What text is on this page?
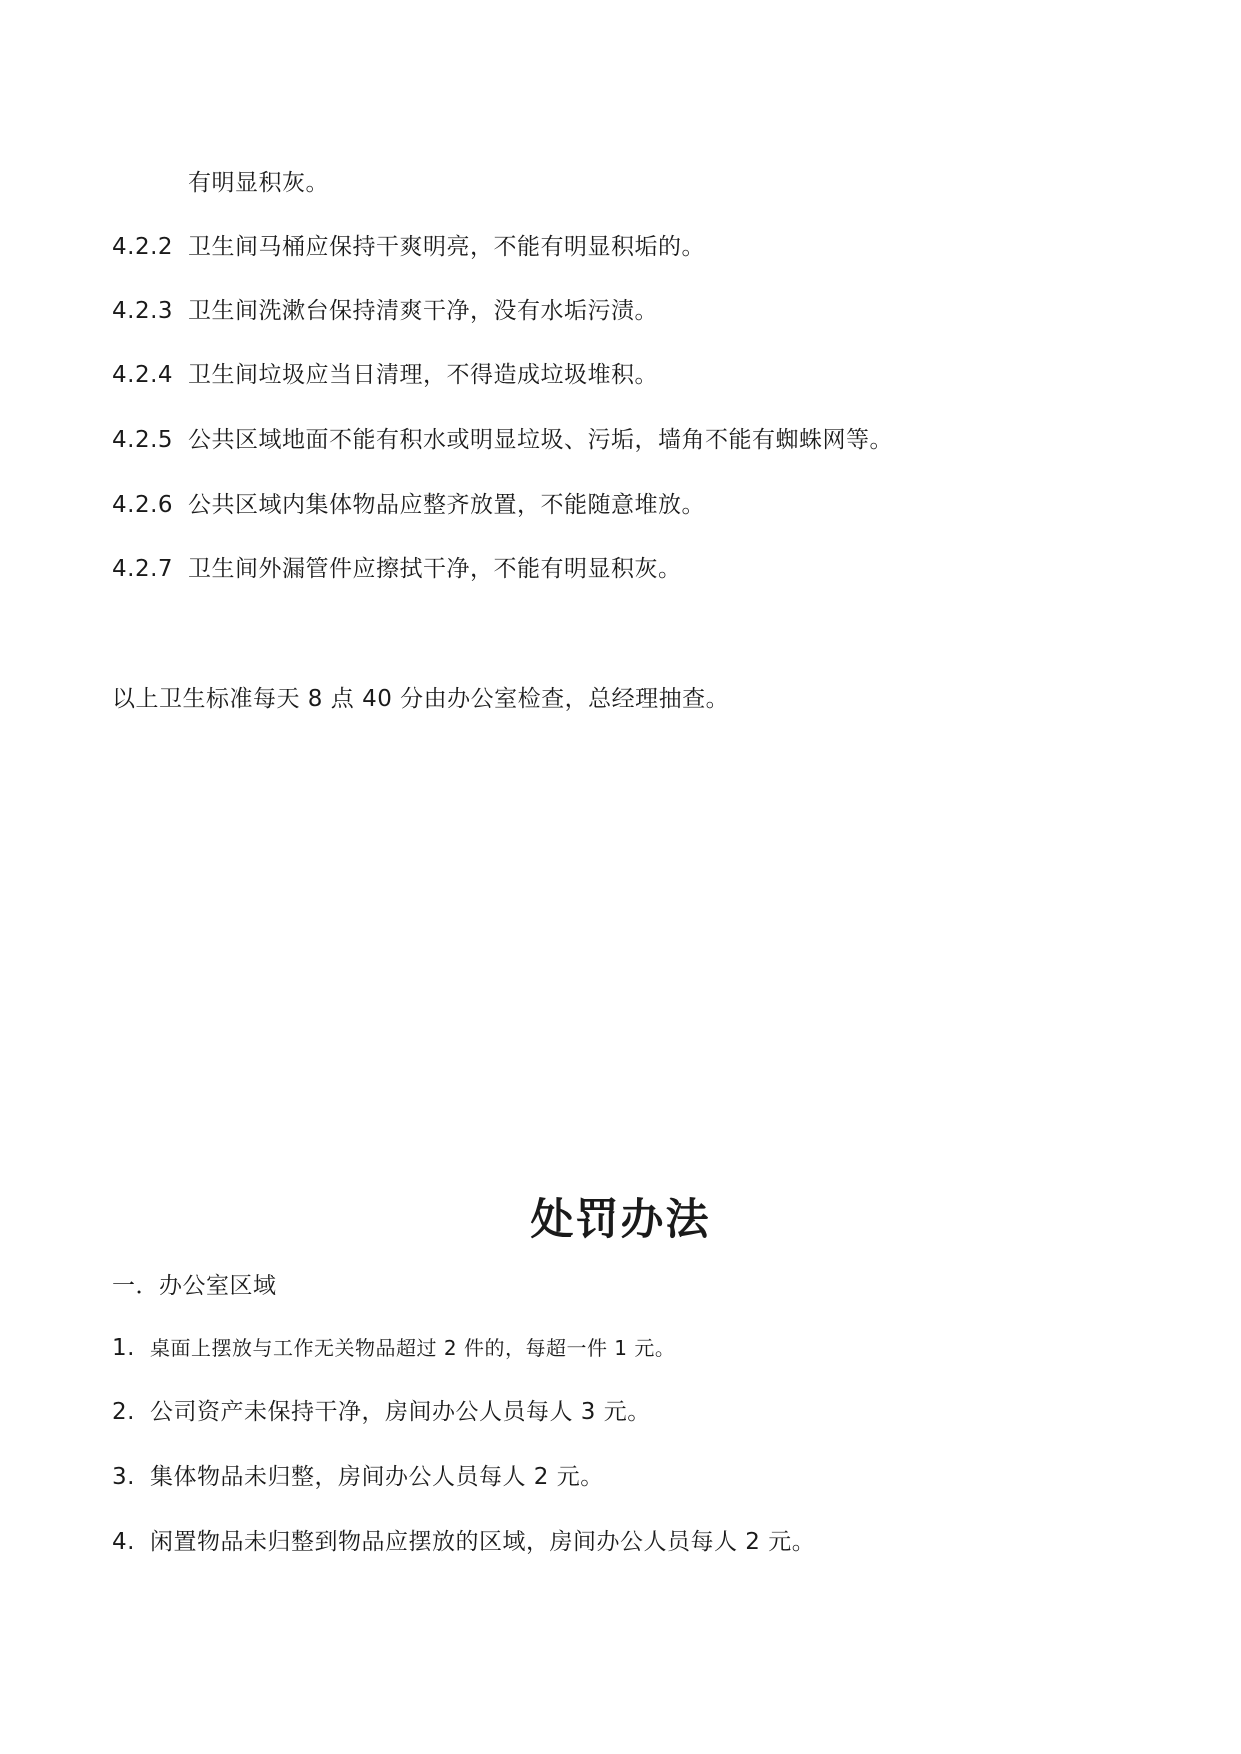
有明显积灰。
4.2.2 卫生间马桶应保持干爽明亮，不能有明显积垢的。
4.2.3 卫生间洗漱台保持清爽干净，没有水垢污渍。
4.2.4 卫生间垃圾应当日清理，不得造成垃圾堆积。
4.2.5 公共区域地面不能有积水或明显垃圾、污垢，墙角不能有蜘蛛网等。
4.2.6 公共区域内集体物品应整齐放置，不能随意堆放。
4.2.7 卫生间外漏管件应擦拭干净，不能有明显积灰。
以上卫生标准每天 8 点 40 分由办公室检查，总经理抽查。
处罚办法
一．办公室区域
1. 桌面上摆放与工作无关物品超过 2 件的，每超一件 1 元。
2. 公司资产未保持干净，房间办公人员每人 3 元。
3. 集体物品未归整，房间办公人员每人 2 元。
4. 闲置物品未归整到物品应摆放的区域，房间办公人员每人 2 元。
